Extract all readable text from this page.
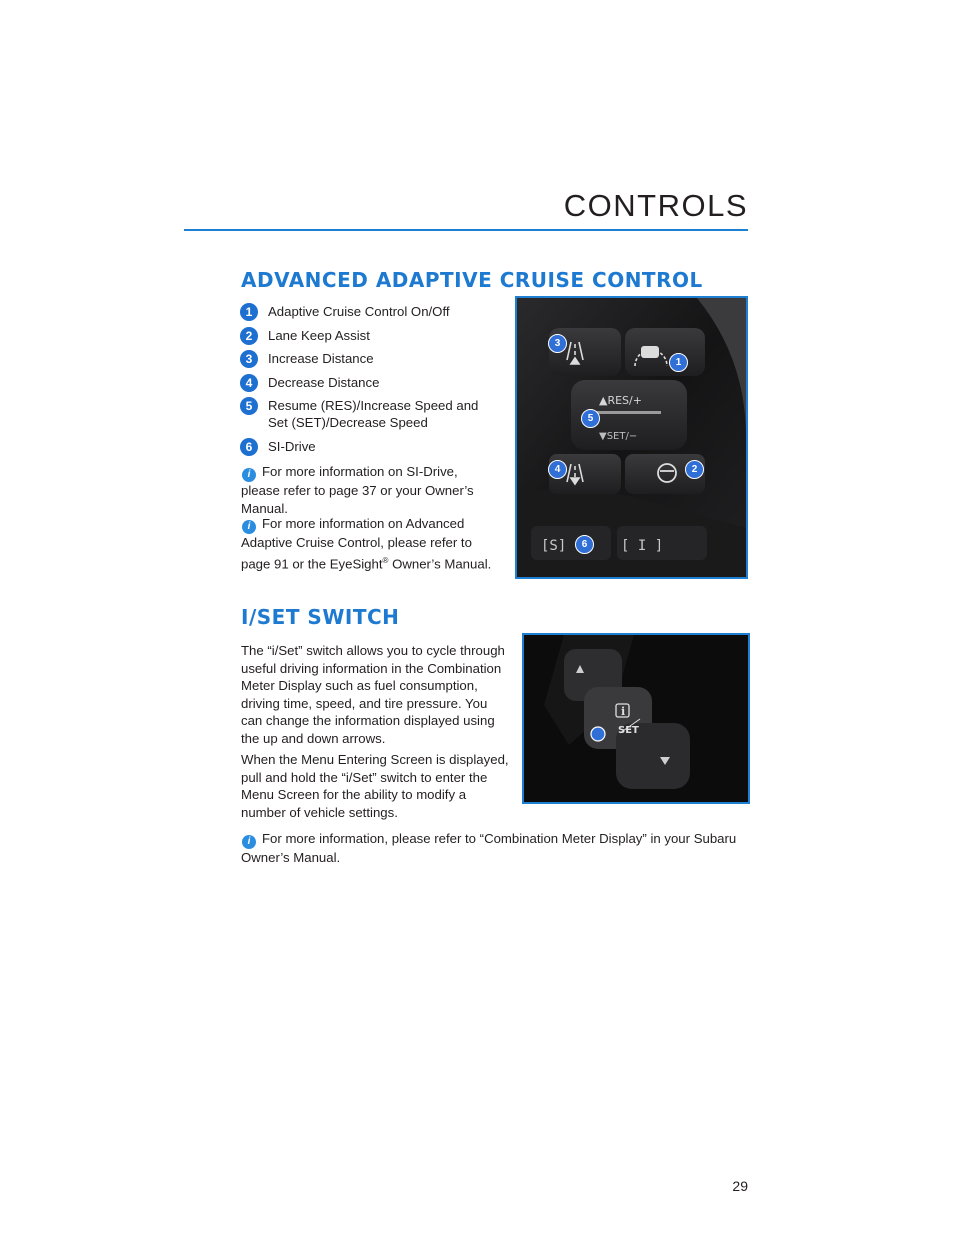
CONTROLS
ADVANCED ADAPTIVE CRUISE CONTROL
1	Adaptive Cruise Control On/Off
2	Lane Keep Assist
3	Increase Distance
4	Decrease Distance
5	Resume (RES)/Increase Speed and Set (SET)/Decrease Speed
6	SI-Drive

i For more information on SI-Drive, please refer to page 37 or your Owner’s Manual.

i For more information on Advanced Adaptive Cruise Control, please refer to page 91 or the EyeSight® Owner’s Manual.

▲RES/+
▼SET/−
[S]	[ I ]
3
1
5
4	2
6
I/SET SWITCH

The “i/Set” switch allows you to cycle through useful driving information in the Combination Meter Display such as fuel consumption, driving time, speed, and tire pressure. You can change the information displayed using the up and down arrows.

When the Menu Entering Screen is displayed, pull and hold the “i/Set” switch to enter the Menu Screen for the ability to modify a number of vehicle settings.

i For more information, please refer to “Combination Meter Display” in your Subaru Owner’s Manual.

i
SET
29
